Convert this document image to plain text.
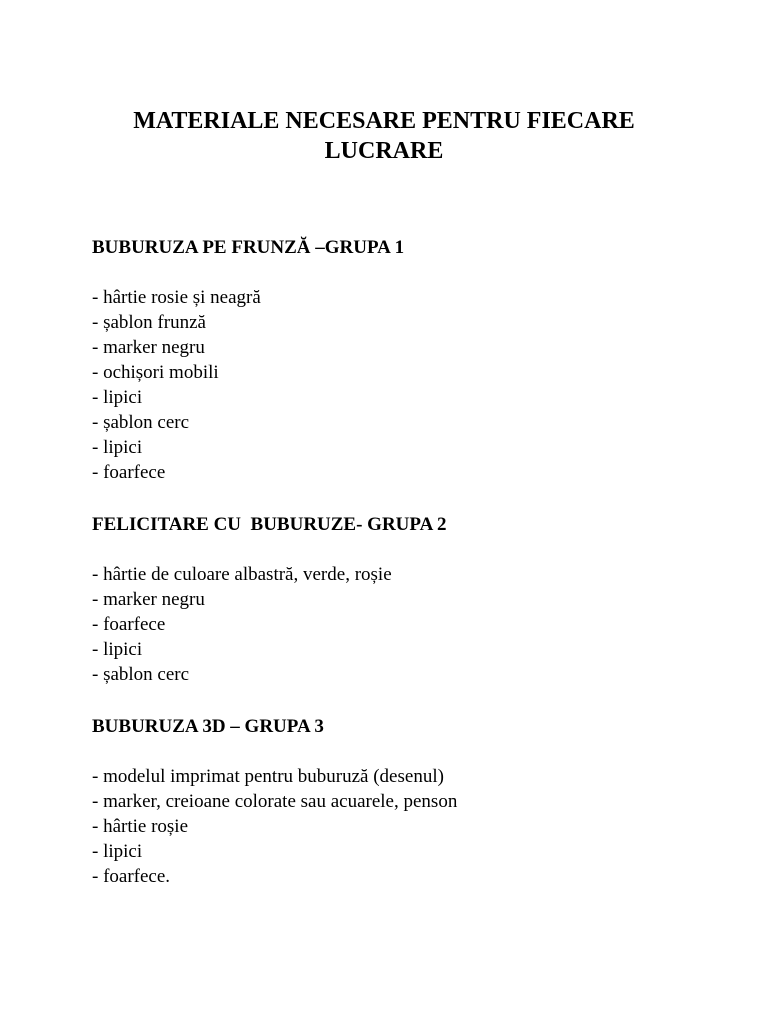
MATERIALE NECESARE PENTRU FIECARE
LUCRARE
BUBURUZA PE FRUNZĂ –GRUPA 1
- hârtie rosie și neagră
- șablon frunză
- marker negru
- ochișori mobili
- lipici
- șablon cerc
- lipici
- foarfece
FELICITARE CU  BUBURUZE- GRUPA 2
- hârtie de culoare albastră, verde, roșie
- marker negru
- foarfece
- lipici
- șablon cerc
BUBURUZA 3D – GRUPA 3
- modelul imprimat pentru buburuză (desenul)
- marker, creioane colorate sau acuarele, penson
- hârtie roșie
- lipici
- foarfece.
